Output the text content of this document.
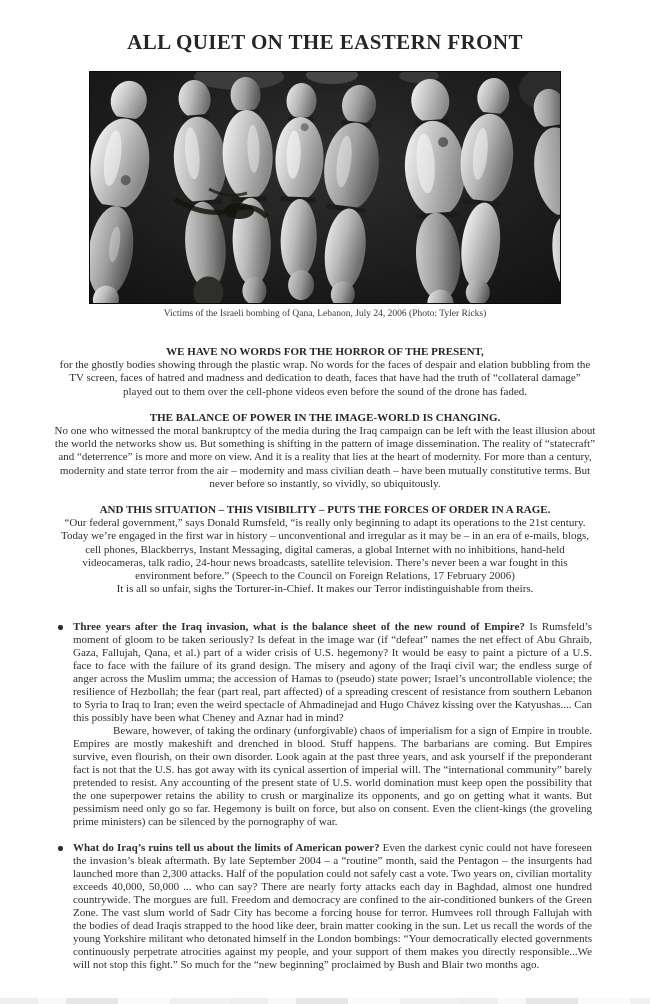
ALL QUIET ON THE EASTERN FRONT
Victims of the Israeli bombing of Qana, Lebanon, July 24, 2006 (Photo: Tyler Ricks)
WE HAVE NO WORDS FOR THE HORROR OF THE PRESENT,

for the ghostly bodies showing through the plastic wrap. No words for the faces of despair and elation bubbling from the TV screen, faces of hatred and madness and dedication to death, faces that have had the truth of “collateral damage” played out to them over the cell-phone videos even before the sound of the drone has faded.

THE BALANCE OF POWER IN THE IMAGE-WORLD IS CHANGING.

No one who witnessed the moral bankruptcy of the media during the Iraq campaign can be left with the least illusion about the world the networks show us. But something is shifting in the pattern of image dissemination. The reality of “statecraft” and “deterrence” is more and more on view. And it is a reality that lies at the heart of modernity. For more than a century, modernity and state terror from the air – modernity and mass civilian death – have been mutually constitutive terms. But never before so instantly, so vividly, so ubiquitously.

AND THIS SITUATION – THIS VISIBILITY – PUTS THE FORCES OF ORDER IN A RAGE.

“Our federal government,” says Donald Rumsfeld, “is really only beginning to adapt its operations to the 21st century. Today we’re engaged in the first war in history – unconventional and irregular as it may be – in an era of e-mails, blogs, cell phones, Blackberrys, Instant Messaging, digital cameras, a global Internet with no inhibitions, hand-held videocameras, talk radio, 24-hour news broadcasts, satellite television. There’s never been a war fought in this environment before.” (Speech to the Council on Foreign Relations, 17 February 2006)

It is all so unfair, sighs the Torturer-in-Chief. It makes our Terror indistinguishable from theirs.

Three years after the Iraq invasion, what is the balance sheet of the new round of Empire? Is Rumsfeld’s moment of gloom to be taken seriously? Is defeat in the image war (if “defeat” names the net effect of Abu Ghraib, Gaza, Fallujah, Qana, et al.) part of a wider crisis of U.S. hegemony? It would be easy to paint a picture of a U.S. face to face with the failure of its grand design. The misery and agony of the Iraqi civil war; the endless surge of anger across the Muslim umma; the accession of Hamas to (pseudo) state power; Israel’s uncontrollable violence; the resilience of Hezbollah; the fear (part real, part affected) of a spreading crescent of resistance from southern Lebanon to Syria to Iraq to Iran; even the weird spectacle of Ahmadinejad and Hugo Chávez kissing over the Katyushas.... Can this possibly have been what Cheney and Aznar had in mind?

Beware, however, of taking the ordinary (unforgivable) chaos of imperialism for a sign of Empire in trouble. Empires are mostly makeshift and drenched in blood. Stuff happens. The barbarians are coming. But Empires survive, even flourish, on their own disorder. Look again at the past three years, and ask yourself if the preponderant fact is not that the U.S. has got away with its cynical assertion of imperial will. The “international community” barely pretended to resist. Any accounting of the present state of U.S. world domination must keep open the possibility that the one superpower retains the ability to crush or marginalize its opponents, and go on getting what it wants. But pessimism need only go so far. Hegemony is built on force, but also on consent. Even the client-kings (the groveling prime ministers) can be silenced by the pornography of war.

What do Iraq’s ruins tell us about the limits of American power? Even the darkest cynic could not have foreseen the invasion’s bleak aftermath. By late September 2004 – a “routine” month, said the Pentagon – the insurgents had launched more than 2,300 attacks. Half of the population could not safely cast a vote. Two years on, civilian mortality exceeds 40,000, 50,000 ... who can say? There are nearly forty attacks each day in Baghdad, almost one hundred countrywide. The morgues are full. Freedom and democracy are confined to the air-conditioned bunkers of the Green Zone. The vast slum world of Sadr City has become a forcing house for terror. Humvees roll through Fallujah with the bodies of dead Iraqis strapped to the hood like deer, brain matter cooking in the sun. Let us recall the words of the young Yorkshire militant who detonated himself in the London bombings: “Your democratically elected governments continuously perpetrate atrocities against my people, and your support of them makes you directly responsible...We will not stop this fight.” So much for the “new beginning” proclaimed by Bush and Blair two months ago.
